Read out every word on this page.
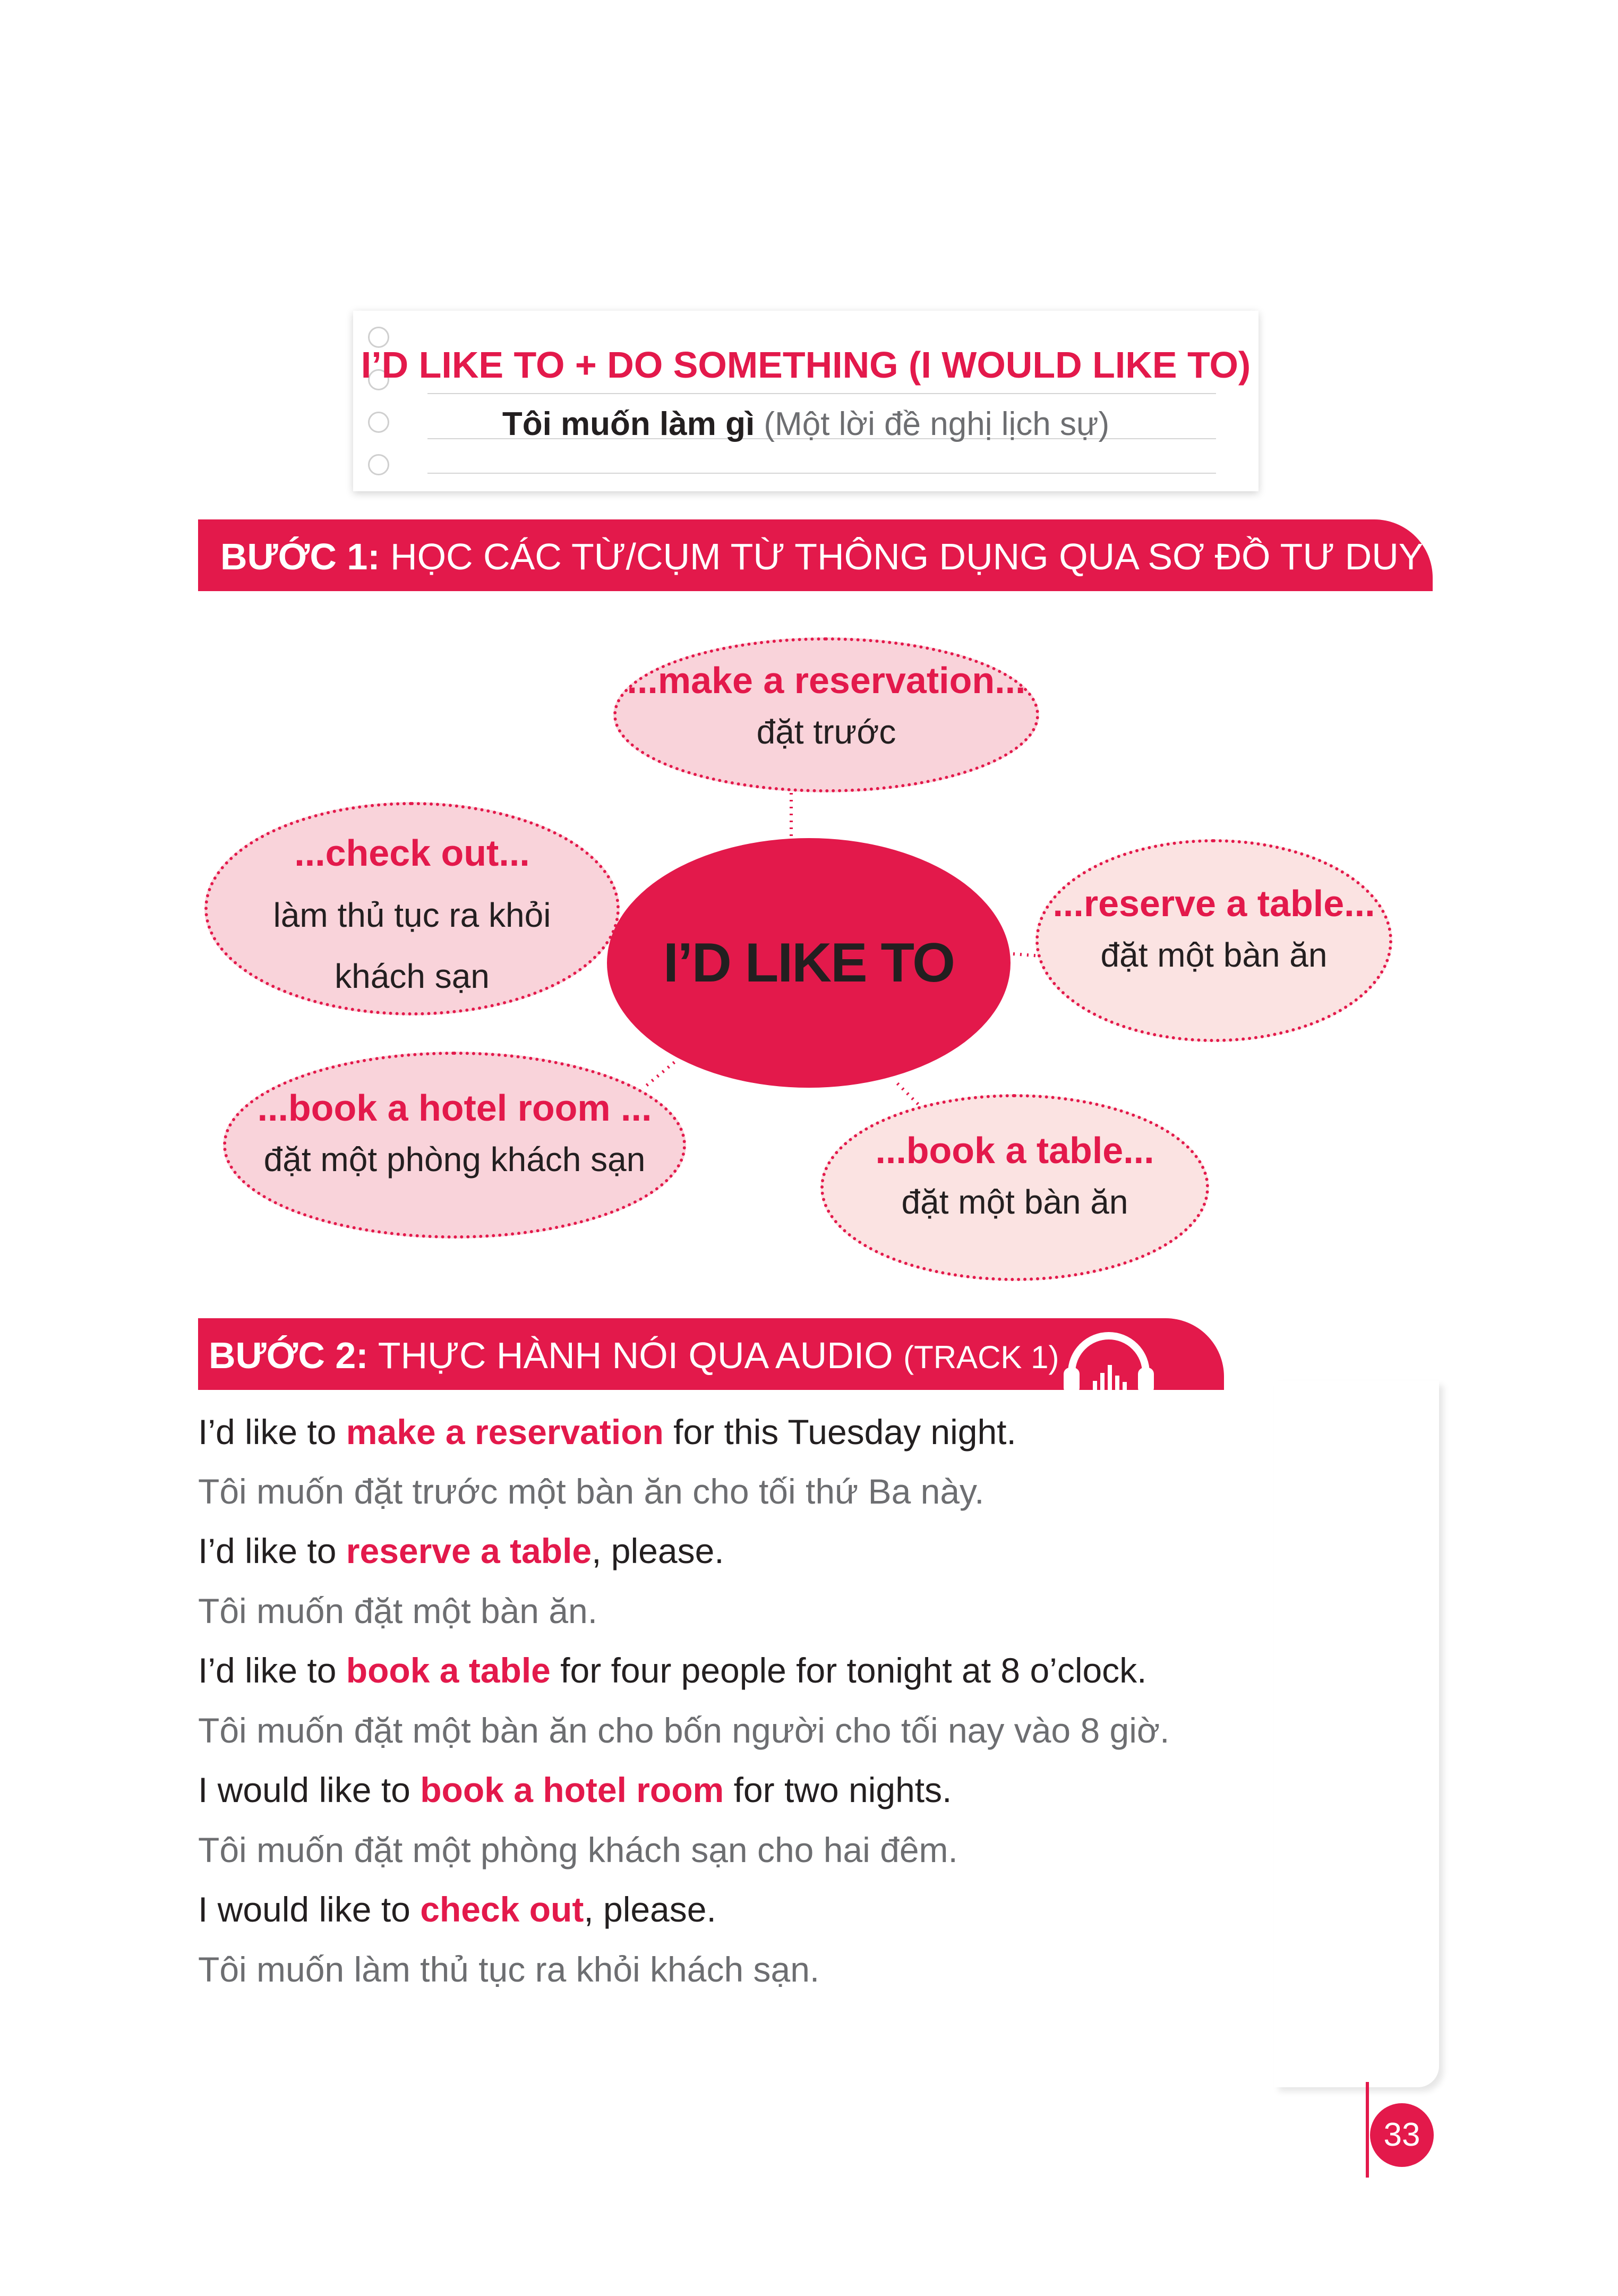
I’D LIKE TO + DO SOMETHING (I WOULD LIKE TO)
Tôi muốn làm gì (Một lời đề nghị lịch sự)
BƯỚC 1: HỌC CÁC TỪ/CỤM TỪ THÔNG DỤNG QUA SƠ ĐỒ TƯ DUY
...make a reservation...
đặt trước
...check out...
làm thủ tục ra khỏi khách sạn
...reserve a table...
đặt một bàn ăn
...book a hotel room ...
đặt một phòng khách sạn	...book a table...
đặt một bàn ăn
I’D LIKE TO
BƯỚC 2: THỰC HÀNH NÓI QUA AUDIO (TRACK 1)
I’d like to make a reservation for this Tuesday night.
Tôi muốn đặt trước một bàn ăn cho tối thứ Ba này.
I’d like to reserve a table, please.
Tôi muốn đặt một bàn ăn.
I’d like to book a table for four people for tonight at 8 o’clock.
Tôi muốn đặt một bàn ăn cho bốn người cho tối nay vào 8 giờ.
I would like to book a hotel room for two nights.
Tôi muốn đặt một phòng khách sạn cho hai đêm.
I would like to check out, please.
Tôi muốn làm thủ tục ra khỏi khách sạn.
33
